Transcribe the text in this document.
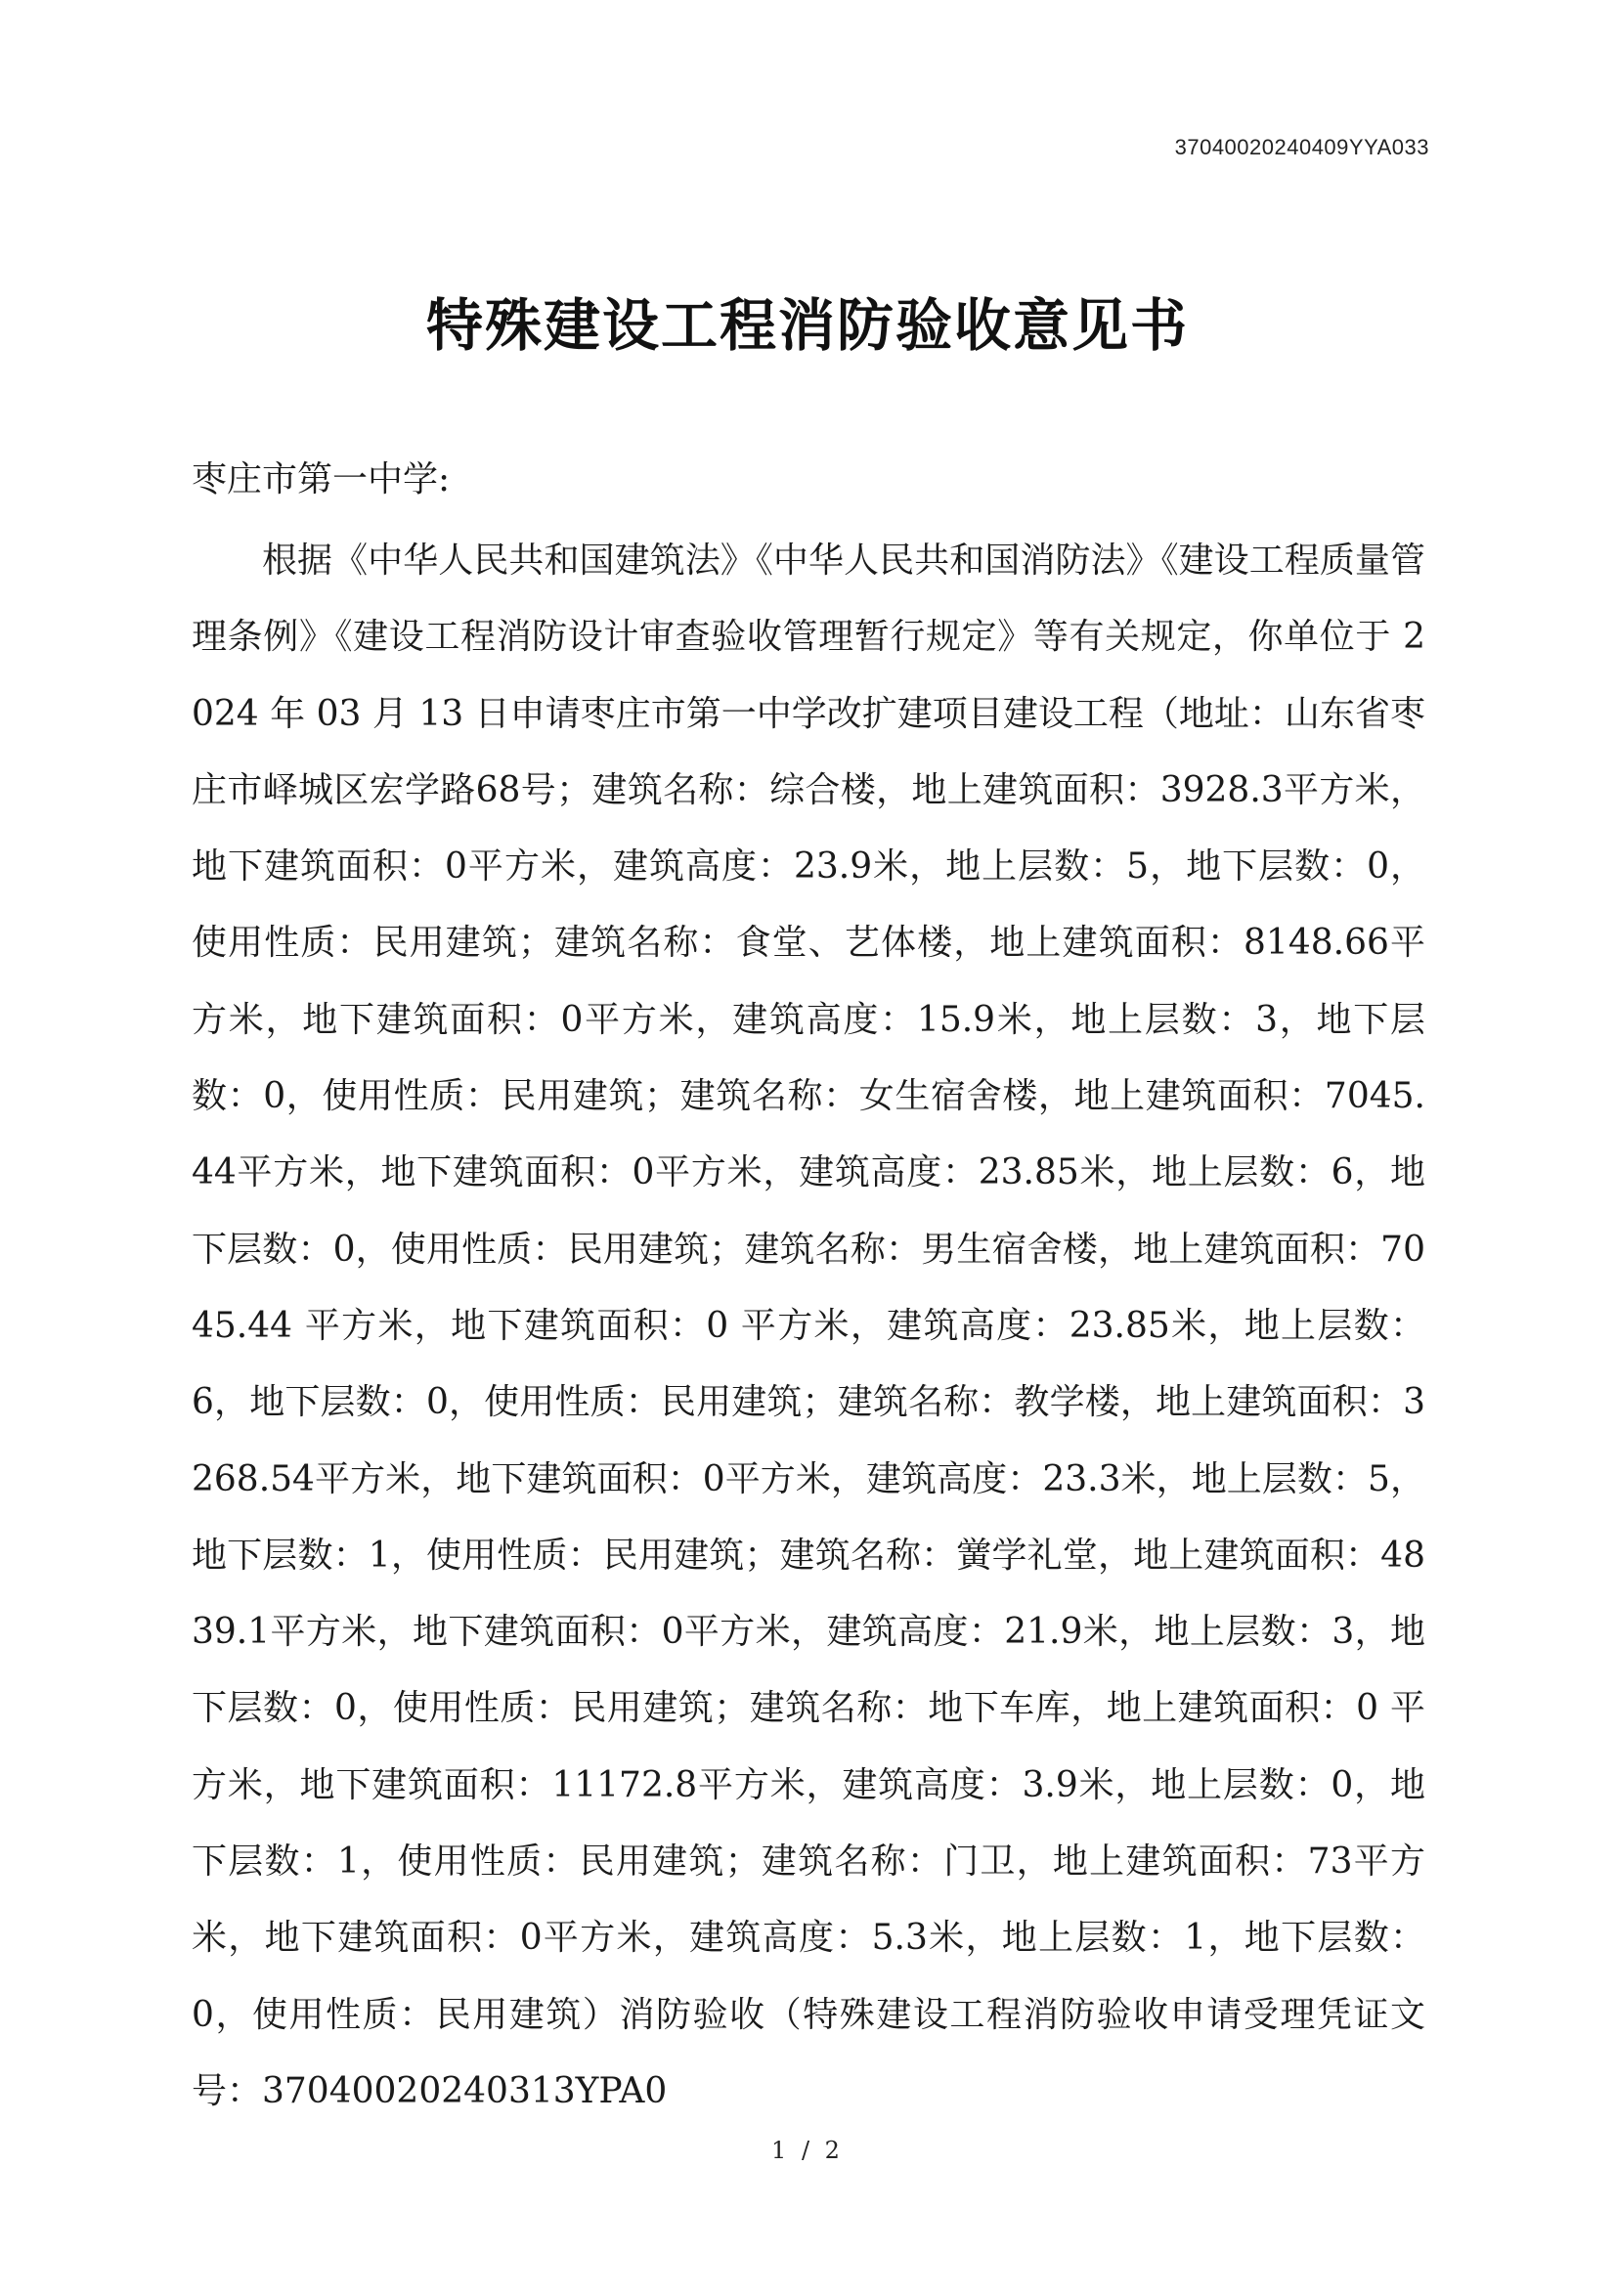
37040020240409YYA033
特殊建设工程消防验收意见书
枣庄市第一中学:
根据《中华人民共和国建筑法》《中华人民共和国消防法》《建设工程质量管理条例》《建设工程消防设计审查验收管理暂行规定》等有关规定，你单位于 2024 年 03 月 13 日申请枣庄市第一中学改扩建项目建设工程（地址：山东省枣庄市峄城区宏学路68号；建筑名称：综合楼，地上建筑面积：3928.3平方米，地下建筑面积：0平方米，建筑高度：23.9米，地上层数：5，地下层数：0，使用性质：民用建筑；建筑名称：食堂、艺体楼，地上建筑面积：8148.66平方米，地下建筑面积：0平方米，建筑高度：15.9米，地上层数：3，地下层数：0，使用性质：民用建筑；建筑名称：女生宿舍楼，地上建筑面积：7045.44平方米，地下建筑面积：0平方米，建筑高度：23.85米，地上层数：6，地下层数：0，使用性质：民用建筑；建筑名称：男生宿舍楼，地上建筑面积：7045.44 平方米，地下建筑面积：0 平方米，建筑高度：23.85米，地上层数：6，地下层数：0，使用性质：民用建筑；建筑名称：教学楼，地上建筑面积：3268.54平方米，地下建筑面积：0平方米，建筑高度：23.3米，地上层数：5，地下层数：1，使用性质：民用建筑；建筑名称：黉学礼堂，地上建筑面积：4839.1平方米，地下建筑面积：0平方米，建筑高度：21.9米，地上层数：3，地下层数：0，使用性质：民用建筑；建筑名称：地下车库，地上建筑面积：0 平方米，地下建筑面积：11172.8平方米，建筑高度：3.9米，地上层数：0，地下层数：1，使用性质：民用建筑；建筑名称：门卫，地上建筑面积：73平方米，地下建筑面积：0平方米，建筑高度：5.3米，地上层数：1，地下层数：0，使用性质：民用建筑）消防验收（特殊建设工程消防验收申请受理凭证文号：37040020240313YPA0
1 / 2
